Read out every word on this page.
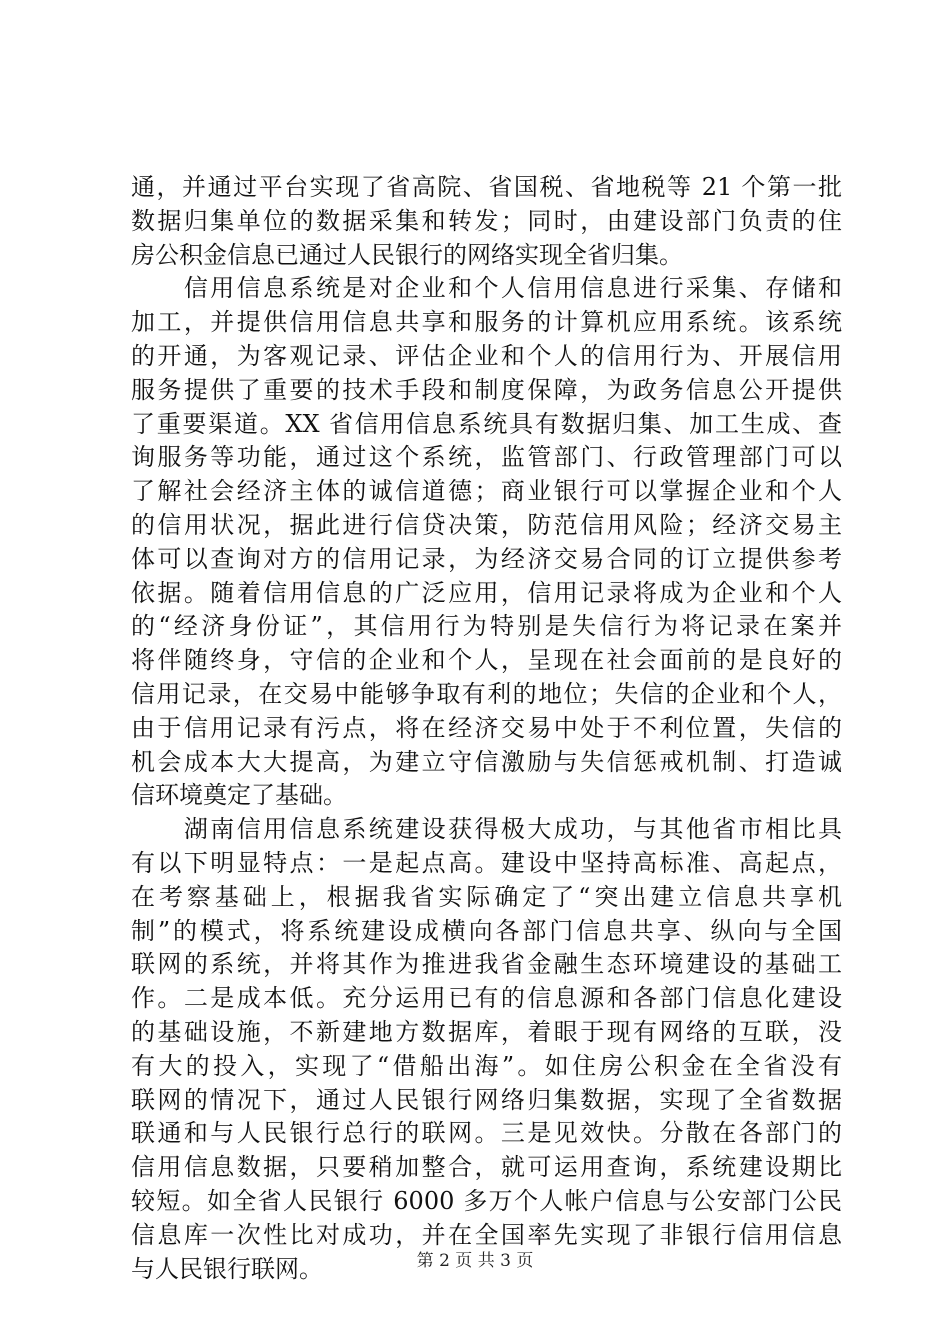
通，并通过平台实现了省高院、省国税、省地税等 21 个第一批
数据归集单位的数据采集和转发；同时，由建设部门负责的住
房公积金信息已通过人民银行的网络实现全省归集。
　　信用信息系统是对企业和个人信用信息进行采集、存储和
加工，并提供信用信息共享和服务的计算机应用系统。该系统
的开通，为客观记录、评估企业和个人的信用行为、开展信用
服务提供了重要的技术手段和制度保障，为政务信息公开提供
了重要渠道。XX 省信用信息系统具有数据归集、加工生成、查
询服务等功能，通过这个系统，监管部门、行政管理部门可以
了解社会经济主体的诚信道德；商业银行可以掌握企业和个人
的信用状况，据此进行信贷决策，防范信用风险；经济交易主
体可以查询对方的信用记录，为经济交易合同的订立提供参考
依据。随着信用信息的广泛应用，信用记录将成为企业和个人
的“经济身份证”，其信用行为特别是失信行为将记录在案并
将伴随终身，守信的企业和个人，呈现在社会面前的是良好的
信用记录，在交易中能够争取有利的地位；失信的企业和个人，
由于信用记录有污点，将在经济交易中处于不利位置，失信的
机会成本大大提高，为建立守信激励与失信惩戒机制、打造诚
信环境奠定了基础。
　　湖南信用信息系统建设获得极大成功，与其他省市相比具
有以下明显特点：一是起点高。建设中坚持高标准、高起点，
在考察基础上，根据我省实际确定了“突出建立信息共享机
制”的模式，将系统建设成横向各部门信息共享、纵向与全国
联网的系统，并将其作为推进我省金融生态环境建设的基础工
作。二是成本低。充分运用已有的信息源和各部门信息化建设
的基础设施，不新建地方数据库，着眼于现有网络的互联，没
有大的投入，实现了“借船出海”。如住房公积金在全省没有
联网的情况下，通过人民银行网络归集数据，实现了全省数据
联通和与人民银行总行的联网。三是见效快。分散在各部门的
信用信息数据，只要稍加整合，就可运用查询，系统建设期比
较短。如全省人民银行 6000 多万个人帐户信息与公安部门公民
信息库一次性比对成功，并在全国率先实现了非银行信用信息
与人民银行联网。	第 2 页 共 3 页
